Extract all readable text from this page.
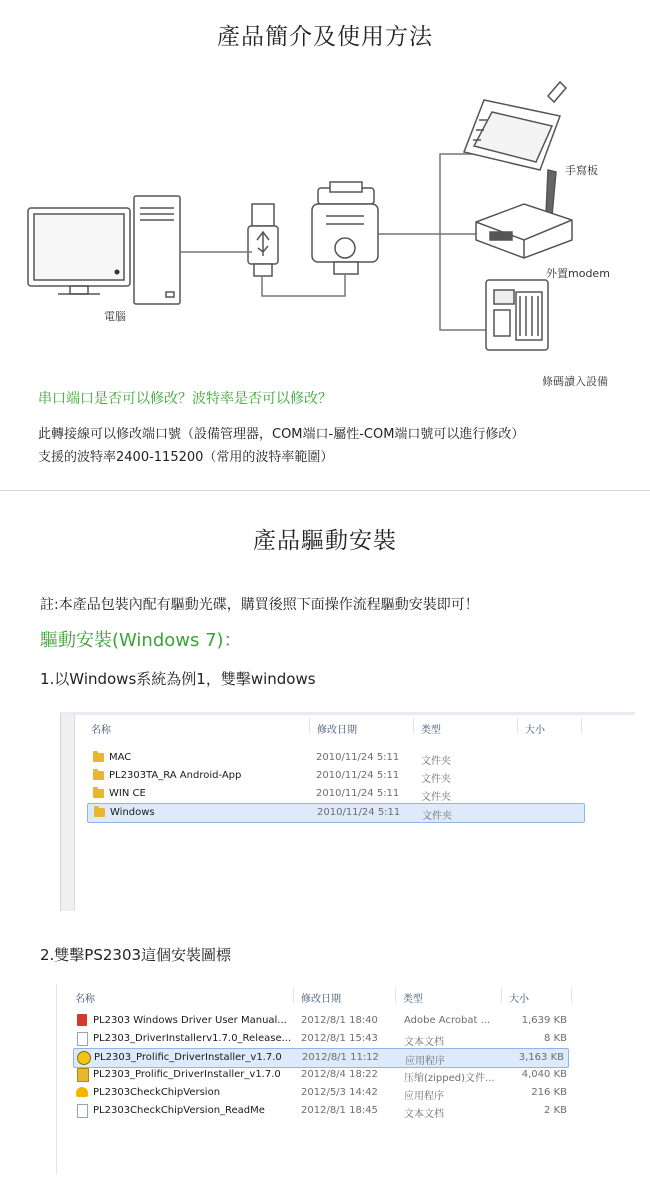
產品簡介及使用方法
手寫板
外置modem
電腦
條碼讀入設備
串口端口是否可以修改？波特率是否可以修改？
此轉接線可以修改端口號（設備管理器，COM端口-屬性-COM端口號可以進行修改）
支援的波特率2400-115200（常用的波特率範圍）
產品驅動安裝
註:本產品包裝內配有驅動光碟，購買後照下面操作流程驅動安裝即可！
驅動安裝(Windows 7)：
1.以Windows系統為例1，雙擊windows
名称	修改日期	类型	大小
MAC	2010/11/24 5:11 文件夹
PL2303TA_RA Android-App	2010/11/24 5:11 文件夹
WIN CE	2010/11/24 5:11 文件夹
Windows	2010/11/24 5:11 文件夹
2.雙擊PS2303這個安裝圖標
名称	修改日期	类型	大小
PL2303 Windows Driver User Manual... 2012/8/1 18:40	Adobe Acrobat ...	1,639 KB
PL2303_DriverInstallerv1.7.0_Release... 2012/8/1 15:43	文本文档	8 KB
PL2303_Prolific_DriverInstaller_v1.7.0 2012/8/1 11:12	应用程序	3,163 KB
PL2303_Prolific_DriverInstaller_v1.7.0 2012/8/4 18:22	压缩(zipped)文件...	4,040 KB
PL2303CheckChipVersion	2012/5/3 14:42	应用程序	216 KB
PL2303CheckChipVersion_ReadMe	2012/8/1 18:45	文本文档	2 KB
